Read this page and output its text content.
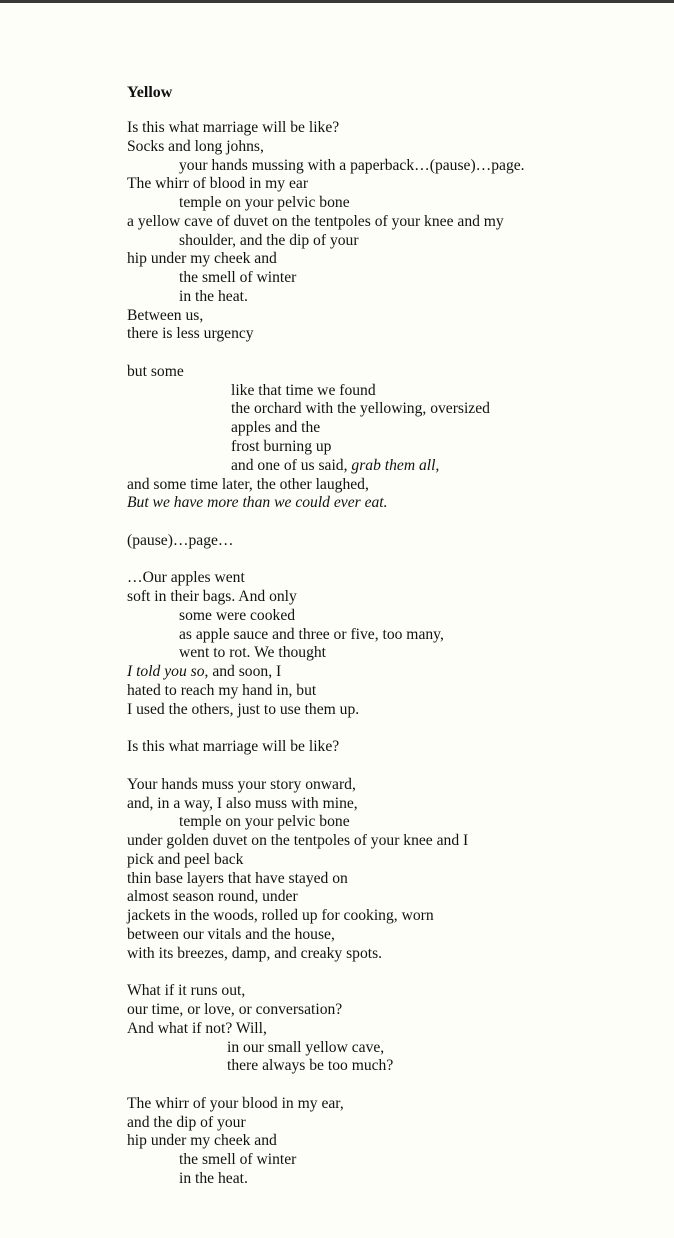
Yellow
Is this what marriage will be like?
Socks and long johns,
your hands mussing with a paperback…(pause)…page.
The whirr of blood in my ear
temple on your pelvic bone
a yellow cave of duvet on the tentpoles of your knee and my
shoulder, and the dip of your
hip under my cheek and
the smell of winter
in the heat.
Between us,
there is less urgency
but some
like that time we found
the orchard with the yellowing, oversized
apples and the
frost burning up
and one of us said, grab them all,
and some time later, the other laughed,
But we have more than we could ever eat.
(pause)…page…
…Our apples went
soft in their bags. And only
some were cooked
as apple sauce and three or five, too many,
went to rot. We thought
I told you so, and soon, I
hated to reach my hand in, but
I used the others, just to use them up.
Is this what marriage will be like?
Your hands muss your story onward,
and, in a way, I also muss with mine,
temple on your pelvic bone
under golden duvet on the tentpoles of your knee and I
pick and peel back
thin base layers that have stayed on
almost season round, under
jackets in the woods, rolled up for cooking, worn
between our vitals and the house,
with its breezes, damp, and creaky spots.
What if it runs out,
our time, or love, or conversation?
And what if not? Will,
in our small yellow cave,
there always be too much?
The whirr of your blood in my ear,
and the dip of your
hip under my cheek and
the smell of winter
in the heat.
